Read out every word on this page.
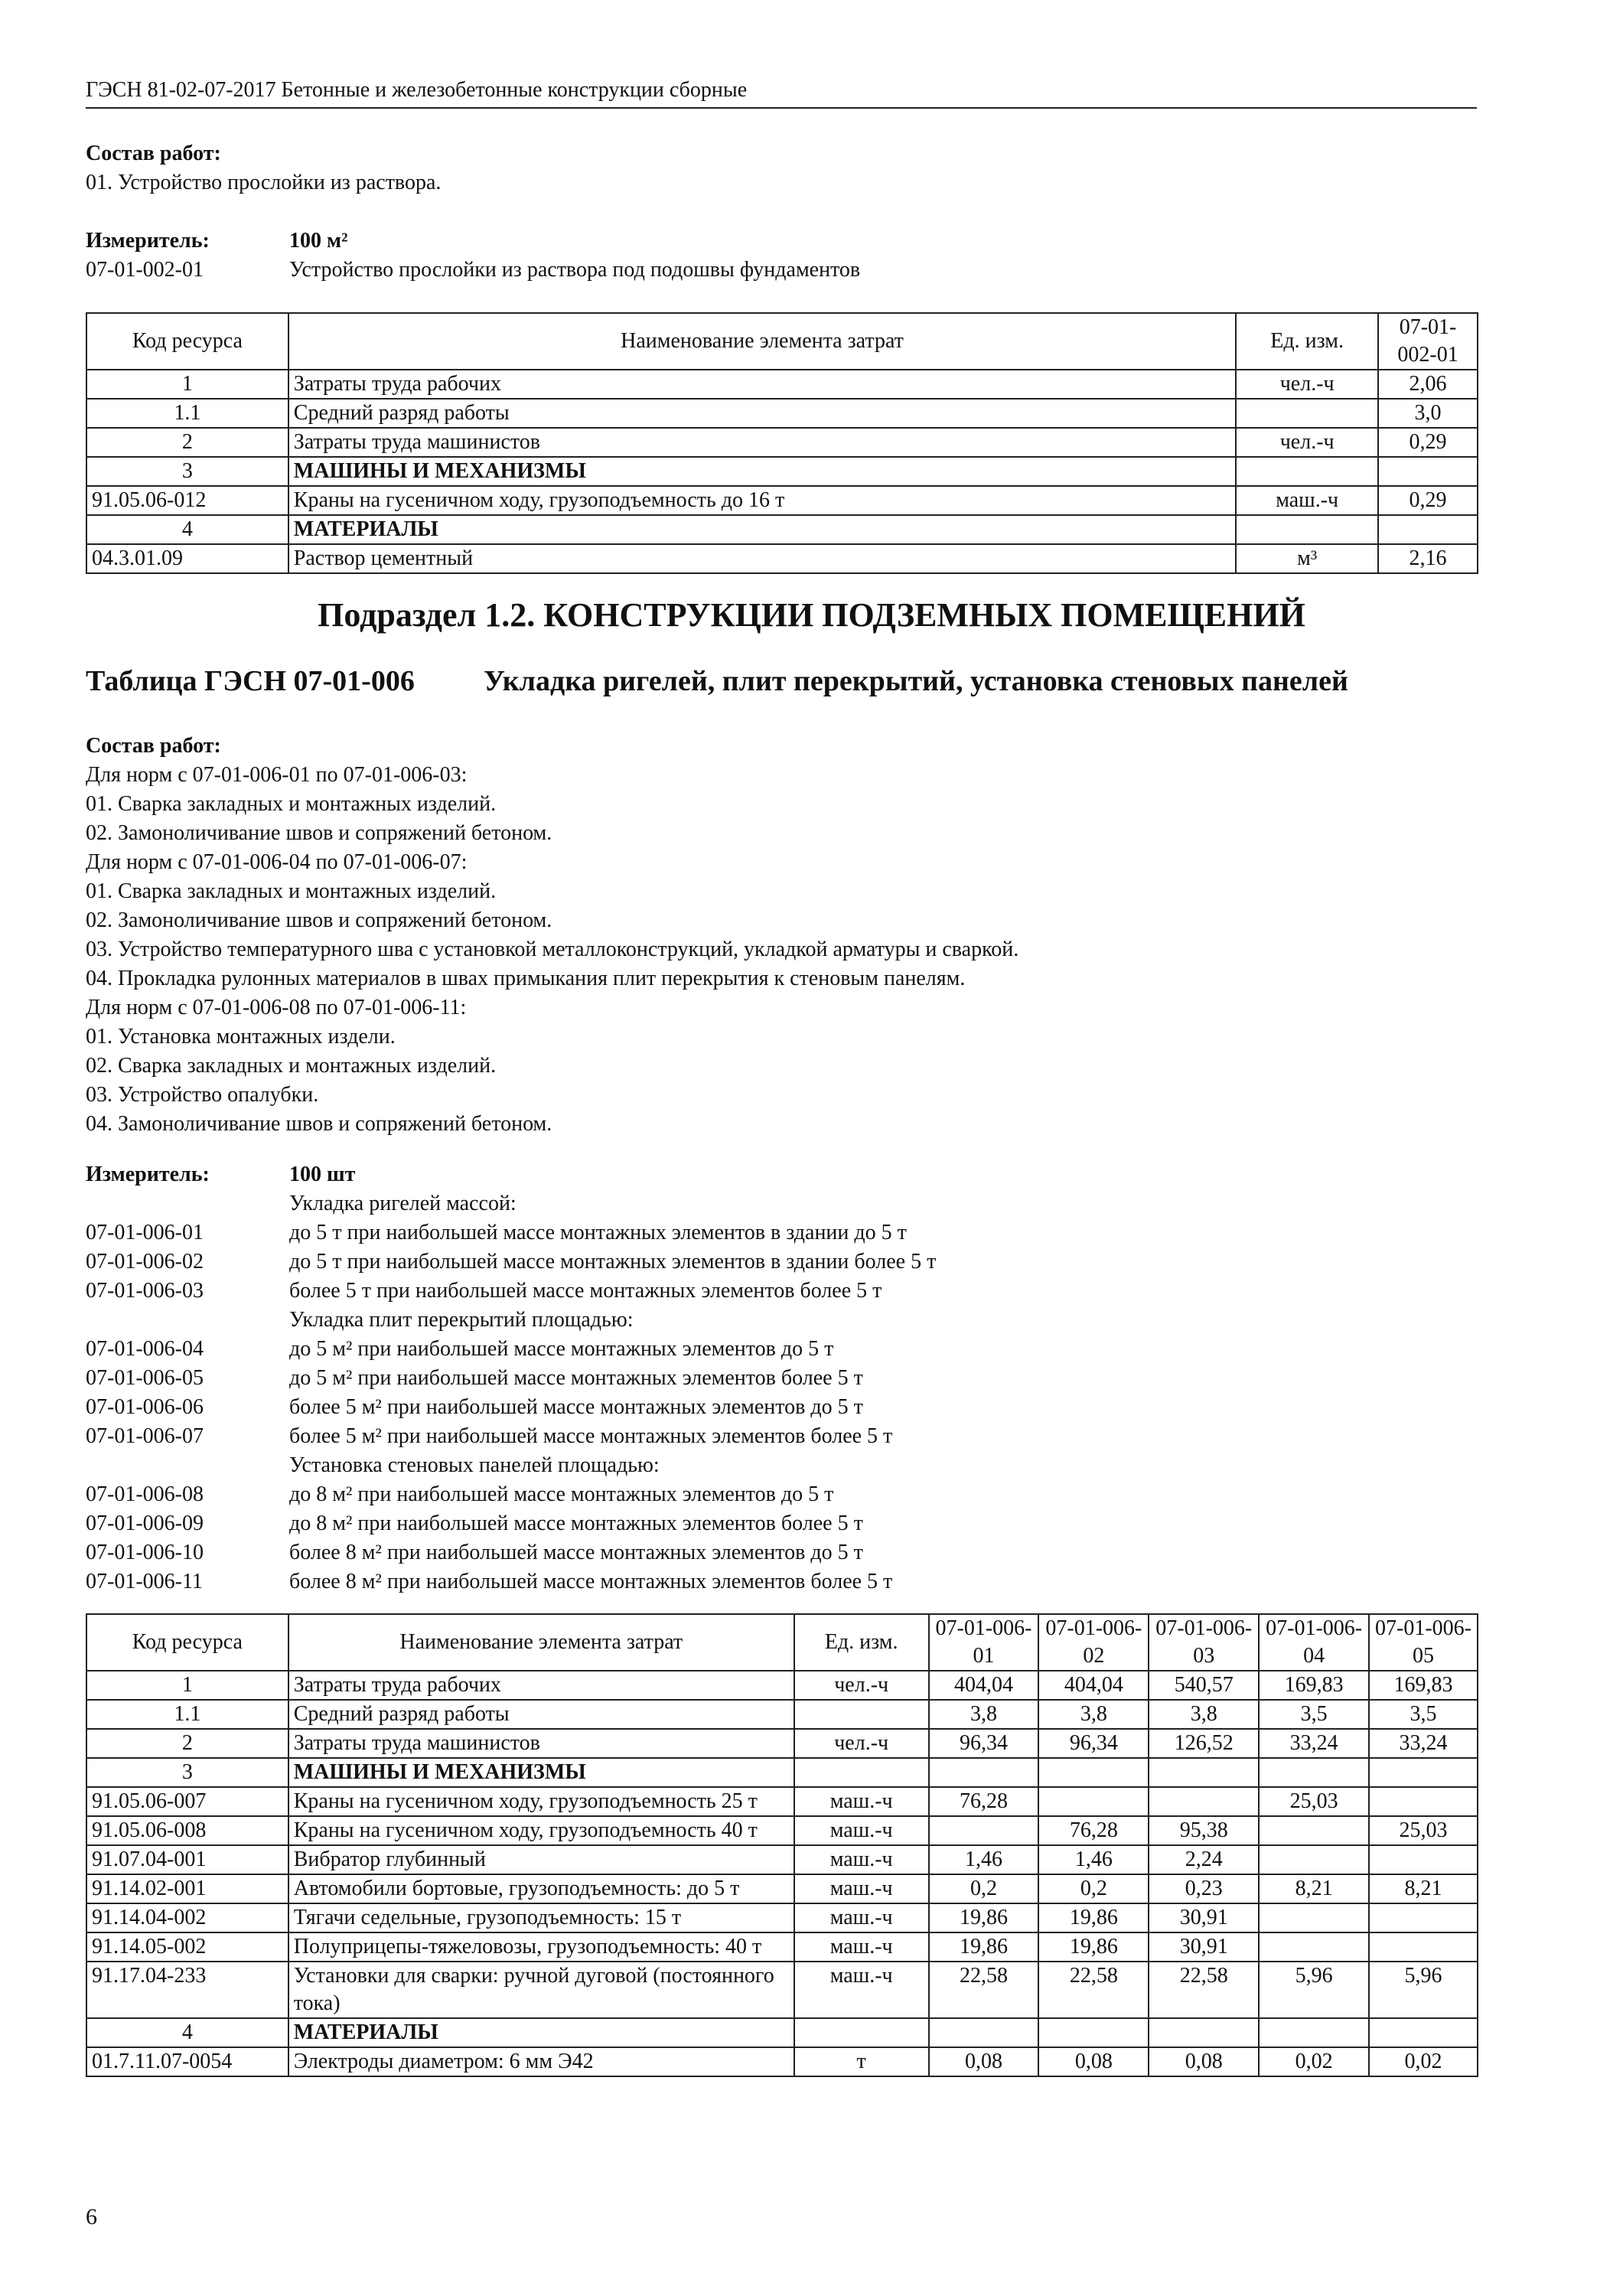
ГЭСН 81-02-07-2017 Бетонные и железобетонные конструкции сборные
Состав работ:
01. Устройство прослойки из раствора.
Измеритель:	100 м²
07-01-002-01	Устройство прослойки из раствора под подошвы фундаментов
Код ресурса	Наименование элемента затрат	Ед. изм.	07-01-002-01
1	Затраты труда рабочих	чел.-ч	2,06
1.1	Средний разряд работы		3,0
2	Затраты труда машинистов	чел.-ч	0,29
3	МАШИНЫ И МЕХАНИЗМЫ		
91.05.06-012	Краны на гусеничном ходу, грузоподъемность до 16 т	маш.-ч	0,29
4	МАТЕРИАЛЫ		
04.3.01.09	Раствор цементный	м³	2,16
Подраздел 1.2. КОНСТРУКЦИИ ПОДЗЕМНЫХ ПОМЕЩЕНИЙ
Таблица ГЭСН 07-01-006	Укладка ригелей, плит перекрытий, установка стеновых панелей
Состав работ:
Для норм с 07-01-006-01 по 07-01-006-03:
01. Сварка закладных и монтажных изделий.
02. Замоноличивание швов и сопряжений бетоном.
Для норм с 07-01-006-04 по 07-01-006-07:
01. Сварка закладных и монтажных изделий.
02. Замоноличивание швов и сопряжений бетоном.
03. Устройство температурного шва с установкой металлоконструкций, укладкой арматуры и сваркой.
04. Прокладка рулонных материалов в швах примыкания плит перекрытия к стеновым панелям.
Для норм с 07-01-006-08 по 07-01-006-11:
01. Установка монтажных издели.
02. Сварка закладных и монтажных изделий.
03. Устройство опалубки.
04. Замоноличивание швов и сопряжений бетоном.
Измеритель:	100 шт
Укладка ригелей массой:
07-01-006-01	до 5 т при наибольшей массе монтажных элементов в здании до 5 т
07-01-006-02	до 5 т при наибольшей массе монтажных элементов в здании более 5 т
07-01-006-03	более 5 т при наибольшей массе монтажных элементов более 5 т
Укладка плит перекрытий площадью:
07-01-006-04	до 5 м² при наибольшей массе монтажных элементов до 5 т
07-01-006-05	до 5 м² при наибольшей массе монтажных элементов более 5 т
07-01-006-06	более 5 м² при наибольшей массе монтажных элементов до 5 т
07-01-006-07	более 5 м² при наибольшей массе монтажных элементов более 5 т
Установка стеновых панелей площадью:
07-01-006-08	до 8 м² при наибольшей массе монтажных элементов до 5 т
07-01-006-09	до 8 м² при наибольшей массе монтажных элементов более 5 т
07-01-006-10	более 8 м² при наибольшей массе монтажных элементов до 5 т
07-01-006-11	более 8 м² при наибольшей массе монтажных элементов более 5 т
Код ресурса	Наименование элемента затрат	Ед. изм.	07-01-006-01	07-01-006-02	07-01-006-03	07-01-006-04	07-01-006-05
1	Затраты труда рабочих	чел.-ч	404,04	404,04	540,57	169,83	169,83
1.1	Средний разряд работы		3,8	3,8	3,8	3,5	3,5
2	Затраты труда машинистов	чел.-ч	96,34	96,34	126,52	33,24	33,24
3	МАШИНЫ И МЕХАНИЗМЫ						
91.05.06-007	Краны на гусеничном ходу, грузоподъемность 25 т	маш.-ч	76,28			25,03	
91.05.06-008	Краны на гусеничном ходу, грузоподъемность 40 т	маш.-ч		76,28	95,38		25,03
91.07.04-001	Вибратор глубинный	маш.-ч	1,46	1,46	2,24		
91.14.02-001	Автомобили бортовые, грузоподъемность: до 5 т	маш.-ч	0,2	0,2	0,23	8,21	8,21
91.14.04-002	Тягачи седельные, грузоподъемность: 15 т	маш.-ч	19,86	19,86	30,91		
91.14.05-002	Полуприцепы-тяжеловозы, грузоподъемность: 40 т	маш.-ч	19,86	19,86	30,91		
91.17.04-233	Установки для сварки: ручной дуговой (постоянного тока)	маш.-ч	22,58	22,58	22,58	5,96	5,96
4	МАТЕРИАЛЫ						
01.7.11.07-0054	Электроды диаметром: 6 мм Э42	т	0,08	0,08	0,08	0,02	0,02
6
